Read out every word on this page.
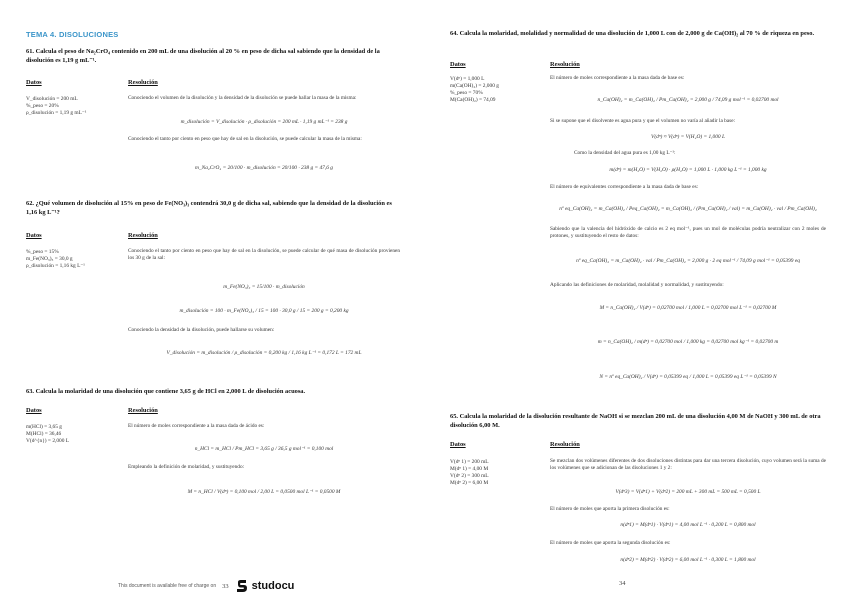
TEMA 4. DISOLUCIONES
61. Calcula el peso de Na₂CrO₄ contenido en 200 mL de una disolución al 20 % en peso de dicha sal sabiendo que la densidad de la disolución es 1,19 g mL⁻¹.
Datos	Resolución
V_disolución = 200 mL
%_peso = 20%
ρ_disolución = 1,19 g mL⁻¹
Conociendo el volumen de la disolución y la densidad de la disolución se puede hallar la masa de la misma:
m_disolución = V_disolución · ρ_disolución = 200 mL · 1,19 g mL⁻¹ = 238 g
Conociendo el tanto por ciento en peso que hay de sal en la disolución, se puede calcular la masa de la misma:
m_Na₂CrO₄ = 20/100 · m_disolución = 20/100 · 238 g = 47,6 g
62. ¿Qué volumen de disolución al 15% en peso de Fe(NO₃)₃ contendrá 30,0 g de dicha sal, sabiendo que la densidad de la disolución es 1,16 kg L⁻¹?
Datos	Resolución
%_peso = 15%
m_Fe(NO₃)₃ = 30,0 g
ρ_disolución = 1,16 kg L⁻¹
Conociendo el tanto por ciento en peso que hay de sal en la disolución, se puede calcular de qué masa de disolución provienen los 30 g de la sal:
m_Fe(NO₃)₃ = 15/100 · m_disolución
m_disolución = 100 · m_Fe(NO₃)₃ / 15 = 100 · 30,0 g / 15 = 200 g = 0,200 kg
Conociendo la densidad de la disolución, puede hallarse su volumen:
V_disolución = m_disolución / ρ_disolución = 0,200 kg / 1,16 kg L⁻¹ = 0,172 L = 172 mL
63. Calcula la molaridad de una disolución que contiene 3,65 g de HCl en 2,000 L de disolución acuosa.
Datos	Resolución
m(HCl) = 3,65 g
M(HCl) = 36,46
V(d^{n}) = 2,000 L
El número de moles correspondiente a la masa dada de ácido es:
n_HCl = m_HCl / Pm_HCl = 3,65 g / 36,5 g mol⁻¹ = 0,100 mol
Empleando la definición de molaridad, y sustituyendo:
M = n_HCl / V(dⁿ) = 0,100 mol / 2,00 L = 0,0500 mol L⁻¹ = 0,0500 M
This document is available free of charge on 33 studocu
64. Calcula la molaridad, molalidad y normalidad de una disolución de 1,000 L con de 2,000 g de Ca(OH)₂ al 70 % de riqueza en peso.
Datos	Resolución
V(dⁿ) = 1,000 L
m(Ca(OH)₂) = 2,000 g
%_peso = 70%
M(Ca(OH)₂) = 74,09
El número de moles correspondiente a la masa dada de base es:
n_Ca(OH)₂ = m_Ca(OH)₂ / Pm_Ca(OH)₂ = 2,000 g / 74,09 g mol⁻¹ = 0,02700 mol
Si se supone que el disolvente es agua pura y que el volumen no varía al añadir la base:
V(dⁿ) ≈ V(dⁿ) = V(H₂O) = 1,000 L
Como la densidad del agua pura es 1,00 kg L⁻¹:
m(dⁿ) = m(H₂O) = V(H₂O) · ρ(H₂O) = 1,000 L · 1,000 kg L⁻¹ = 1,000 kg
El número de equivalentes correspondiente a la masa dada de base es:
nº eq_Ca(OH)₂ = m_Ca(OH)₂ / Peq_Ca(OH)₂ = m_Ca(OH)₂ / (Pm_Ca(OH)₂ / val) = m_Ca(OH)₂ · val / Pm_Ca(OH)₂
Sabiendo que la valencia del hidróxido de calcio es 2 eq mol⁻¹, pues un mol de moléculas podría neutralizar con 2 moles de protones, y sustituyendo el resto de datos:
nº eq_Ca(OH)₂ = m_Ca(OH)₂ · val / Pm_Ca(OH)₂ = 2,000 g · 2 eq mol⁻¹ / 74,09 g mol⁻¹ = 0,05399 eq
Aplicando las definiciones de molaridad, molalidad y normalidad, y sustituyendo:
M = n_Ca(OH)₂ / V(dⁿ) = 0,02700 mol / 1,000 L = 0,02700 mol L⁻¹ = 0,02700 M
m = n_Ca(OH)₂ / m(dⁿ) = 0,02700 mol / 1,000 kg = 0,02700 mol kg⁻¹ = 0,02700 m
N = nº eq_Ca(OH)₂ / V(dⁿ) = 0,05399 eq / 1,000 L = 0,05399 eq L⁻¹ = 0,05399 N
65. Calcula la molaridad de la disolución resultante de NaOH si se mezclan 200 mL de una disolución 4,00 M de NaOH y 300 mL de otra disolución 6,00 M.
Datos	Resolución
V(dⁿ 1) = 200 mL
M(dⁿ 1) = 4,00 M
V(dⁿ 2) = 300 mL
M(dⁿ 2) = 6,00 M
Se mezclan dos volúmenes diferentes de dos disoluciones distintas para dar una tercera disolución, cuyo volumen será la suma de los volúmenes que se adicionan de las disoluciones 1 y 2:
V(dⁿ3) = V(dⁿ1) + V(dⁿ2) = 200 mL + 300 mL = 500 mL = 0,500 L
El número de moles que aporta la primera disolución es:
n(dⁿ1) = M(dⁿ1) · V(dⁿ1) = 4,00 mol L⁻¹ · 0,200 L = 0,800 mol
El número de moles que aporta la segunda disolución es:
n(dⁿ2) = M(dⁿ2) · V(dⁿ2) = 6,00 mol L⁻¹ · 0,300 L = 1,800 mol
34
